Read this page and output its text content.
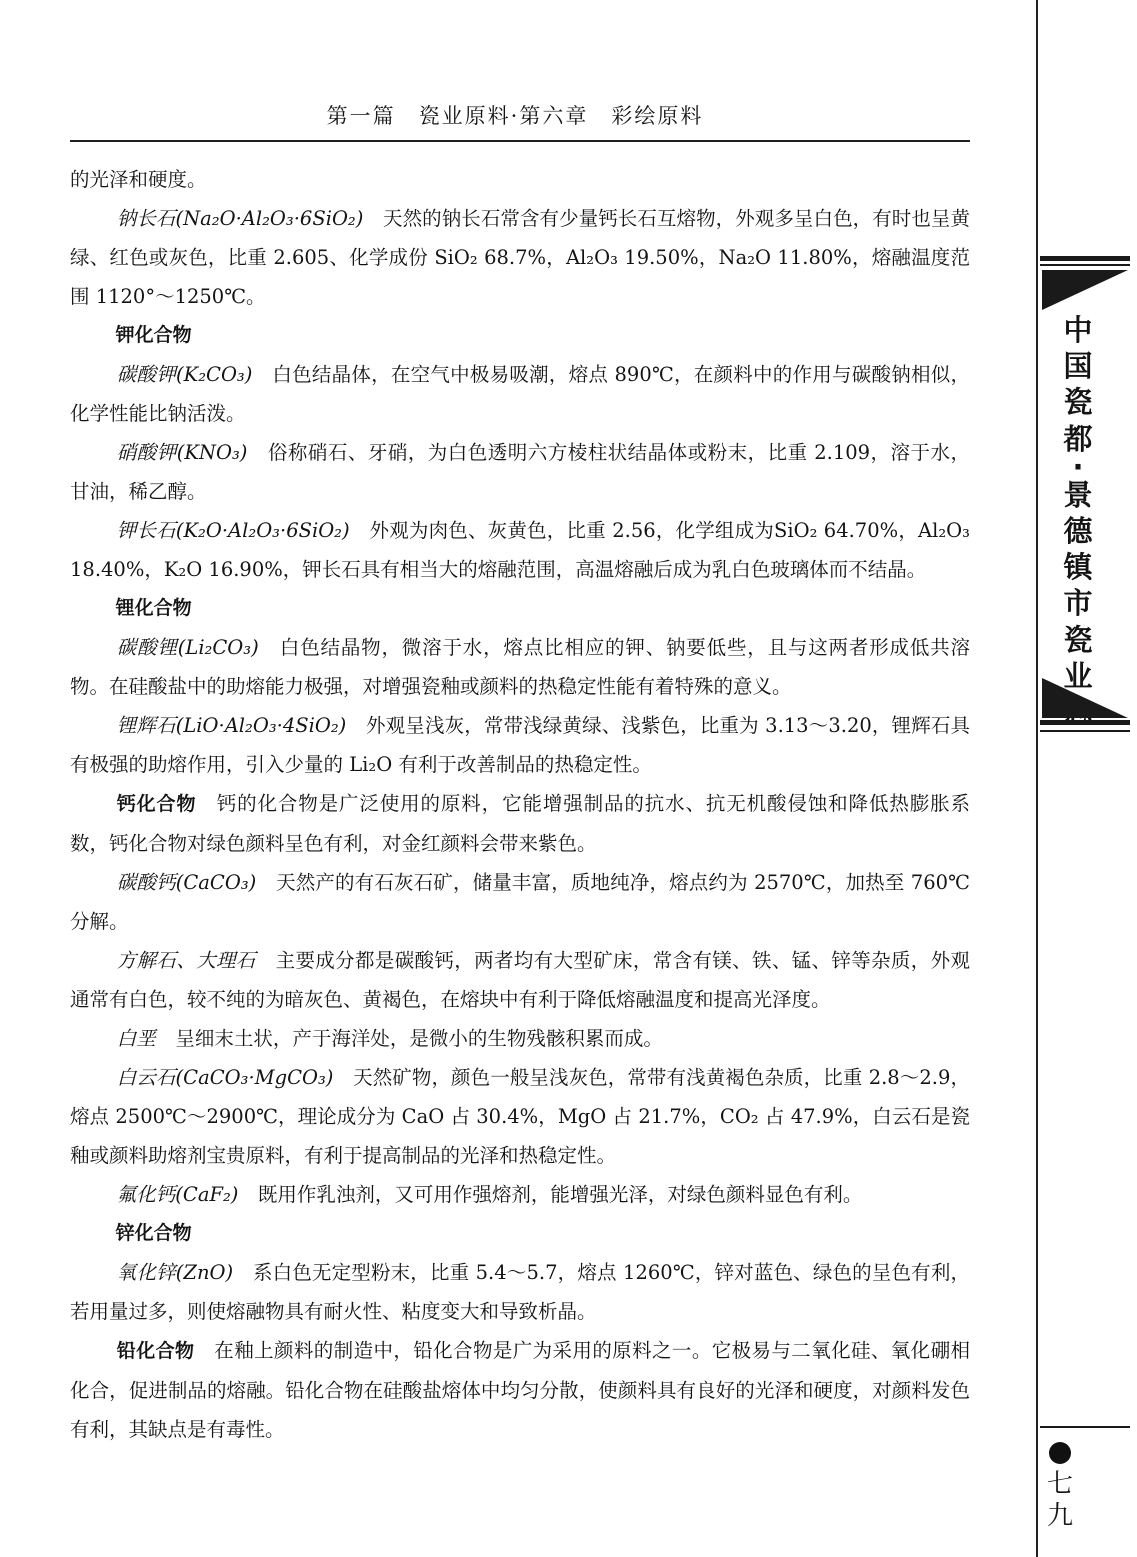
第一篇　瓷业原料·第六章　彩绘原料
中
国
瓷
都
·
景
德
镇
市
瓷
业
七
九

的光泽和硬度。

钠长石(Na₂O·Al₂O₃·6SiO₂)　 天然的钠长石常含有少量钙长石互熔物，外观多呈白色，有时也呈黄绿、红色或灰色，比重 2.605、化学成份 SiO₂ 68.7%，Al₂O₃ 19.50%，Na₂O 11.80%，熔融温度范围 1120°～1250℃。

钾化合物

碳酸钾(K₂CO₃)　 白色结晶体，在空气中极易吸潮，熔点 890℃，在颜料中的作用与碳酸钠相似，化学性能比钠活泼。

硝酸钾(KNO₃)　 俗称硝石、牙硝，为白色透明六方棱柱状结晶体或粉末，比重 2.109，溶于水，甘油，稀乙醇。

钾长石(K₂O·Al₂O₃·6SiO₂)　 外观为肉色、灰黄色，比重 2.56，化学组成为SiO₂ 64.70%，Al₂O₃ 18.40%，K₂O 16.90%，钾长石具有相当大的熔融范围，高温熔融后成为乳白色玻璃体而不结晶。

锂化合物

碳酸锂(Li₂CO₃)　 白色结晶物，微溶于水，熔点比相应的钾、钠要低些，且与这两者形成低共溶物。在硅酸盐中的助熔能力极强，对增强瓷釉或颜料的热稳定性能有着特殊的意义。

锂辉石(LiO·Al₂O₃·4SiO₂)　 外观呈浅灰，常带浅绿黄绿、浅紫色，比重为 3.13～3.20，锂辉石具有极强的助熔作用，引入少量的 Li₂O 有利于改善制品的热稳定性。

钙化合物　 钙的化合物是广泛使用的原料，它能增强制品的抗水、抗无机酸侵蚀和降低热膨胀系数，钙化合物对绿色颜料呈色有利，对金红颜料会带来紫色。

碳酸钙(CaCO₃)　 天然产的有石灰石矿，储量丰富，质地纯净，熔点约为 2570℃，加热至 760℃分解。

方解石、大理石　 主要成分都是碳酸钙，两者均有大型矿床，常含有镁、铁、锰、锌等杂质，外观通常有白色，较不纯的为暗灰色、黄褐色，在熔块中有利于降低熔融温度和提高光泽度。

白垩　 呈细末土状，产于海洋处，是微小的生物残骸积累而成。

白云石(CaCO₃·MgCO₃)　 天然矿物，颜色一般呈浅灰色，常带有浅黄褐色杂质，比重 2.8～2.9，熔点 2500℃～2900℃，理论成分为 CaO 占 30.4%，MgO 占 21.7%，CO₂ 占 47.9%，白云石是瓷釉或颜料助熔剂宝贵原料，有利于提高制品的光泽和热稳定性。

氟化钙(CaF₂)　 既用作乳浊剂，又可用作强熔剂，能增强光泽，对绿色颜料显色有利。

锌化合物

氧化锌(ZnO)　 系白色无定型粉末，比重 5.4～5.7，熔点 1260℃，锌对蓝色、绿色的呈色有利，若用量过多，则使熔融物具有耐火性、粘度变大和导致析晶。

铅化合物　 在釉上颜料的制造中，铅化合物是广为采用的原料之一。它极易与二氧化硅、氧化硼相化合，促进制品的熔融。铅化合物在硅酸盐熔体中均匀分散，使颜料具有良好的光泽和硬度，对颜料发色有利，其缺点是有毒性。
